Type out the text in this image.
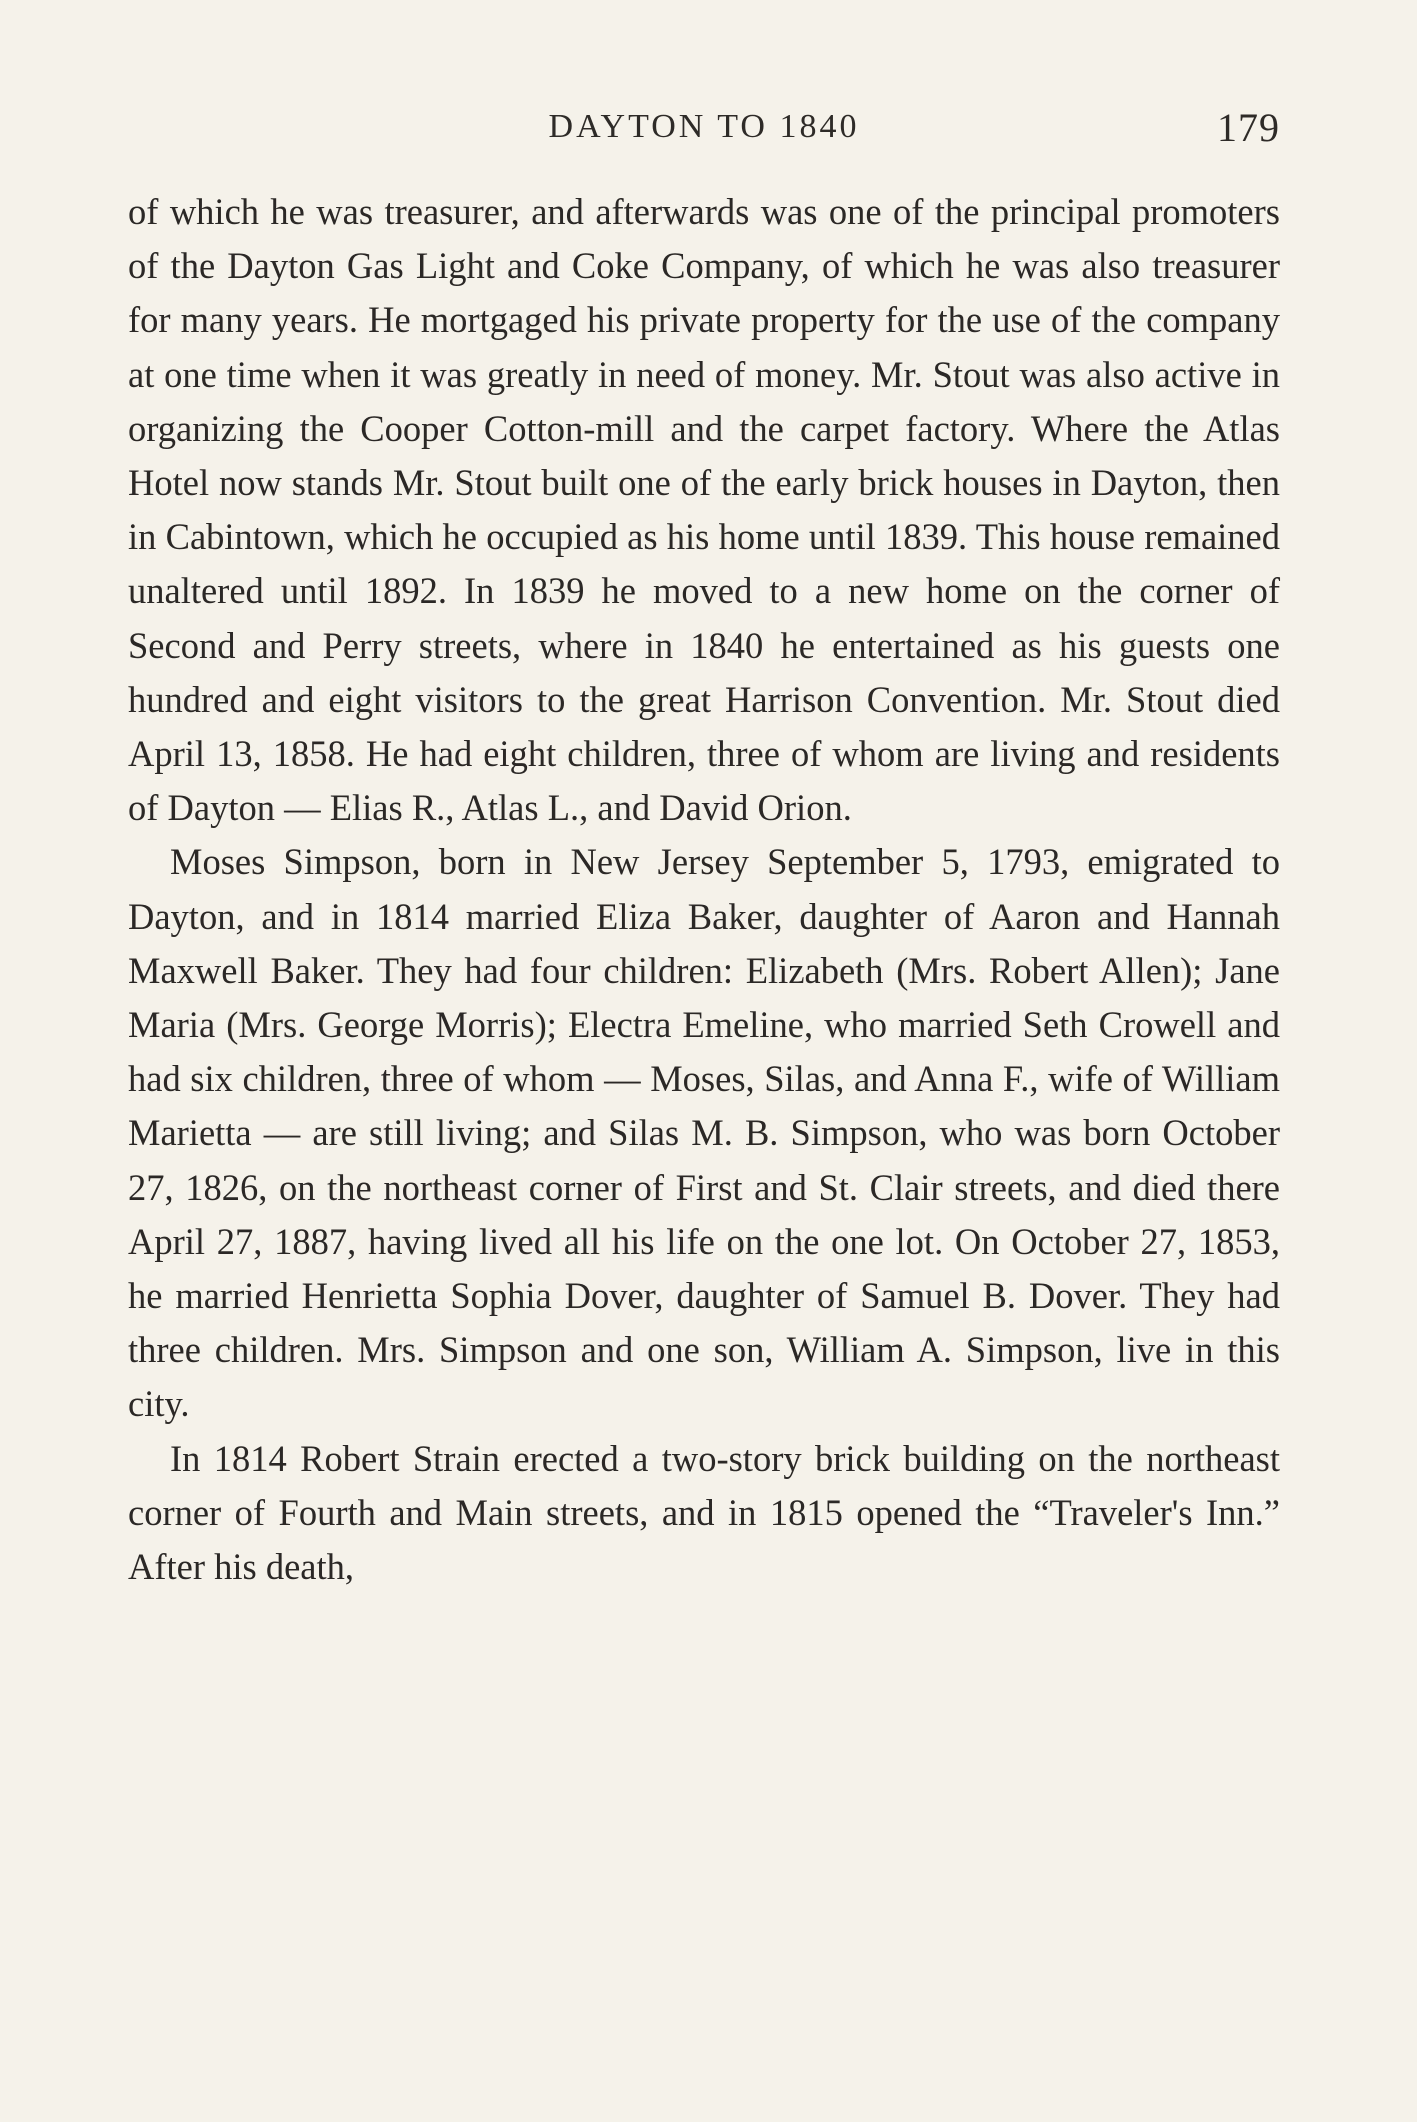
DAYTON TO 1840	179

of which he was treasurer, and afterwards was one of the principal promoters of the Dayton Gas Light and Coke Company, of which he was also treasurer for many years. He mortgaged his private property for the use of the company at one time when it was greatly in need of money. Mr. Stout was also active in organizing the Cooper Cotton-mill and the carpet factory. Where the Atlas Hotel now stands Mr. Stout built one of the early brick houses in Dayton, then in Cabintown, which he occupied as his home until 1839. This house remained unaltered until 1892. In 1839 he moved to a new home on the corner of Second and Perry streets, where in 1840 he entertained as his guests one hundred and eight visitors to the great Harrison Convention. Mr. Stout died April 13, 1858. He had eight children, three of whom are living and residents of Dayton — Elias R., Atlas L., and David Orion.

Moses Simpson, born in New Jersey September 5, 1793, emigrated to Dayton, and in 1814 married Eliza Baker, daughter of Aaron and Hannah Maxwell Baker. They had four children: Elizabeth (Mrs. Robert Allen); Jane Maria (Mrs. George Morris); Electra Emeline, who married Seth Crowell and had six children, three of whom — Moses, Silas, and Anna F., wife of William Marietta — are still living; and Silas M. B. Simpson, who was born October 27, 1826, on the northeast corner of First and St. Clair streets, and died there April 27, 1887, having lived all his life on the one lot. On October 27, 1853, he married Henrietta Sophia Dover, daughter of Samuel B. Dover. They had three children. Mrs. Simpson and one son, William A. Simpson, live in this city.

In 1814 Robert Strain erected a two-story brick building on the northeast corner of Fourth and Main streets, and in 1815 opened the “Traveler's Inn.” After his death,
